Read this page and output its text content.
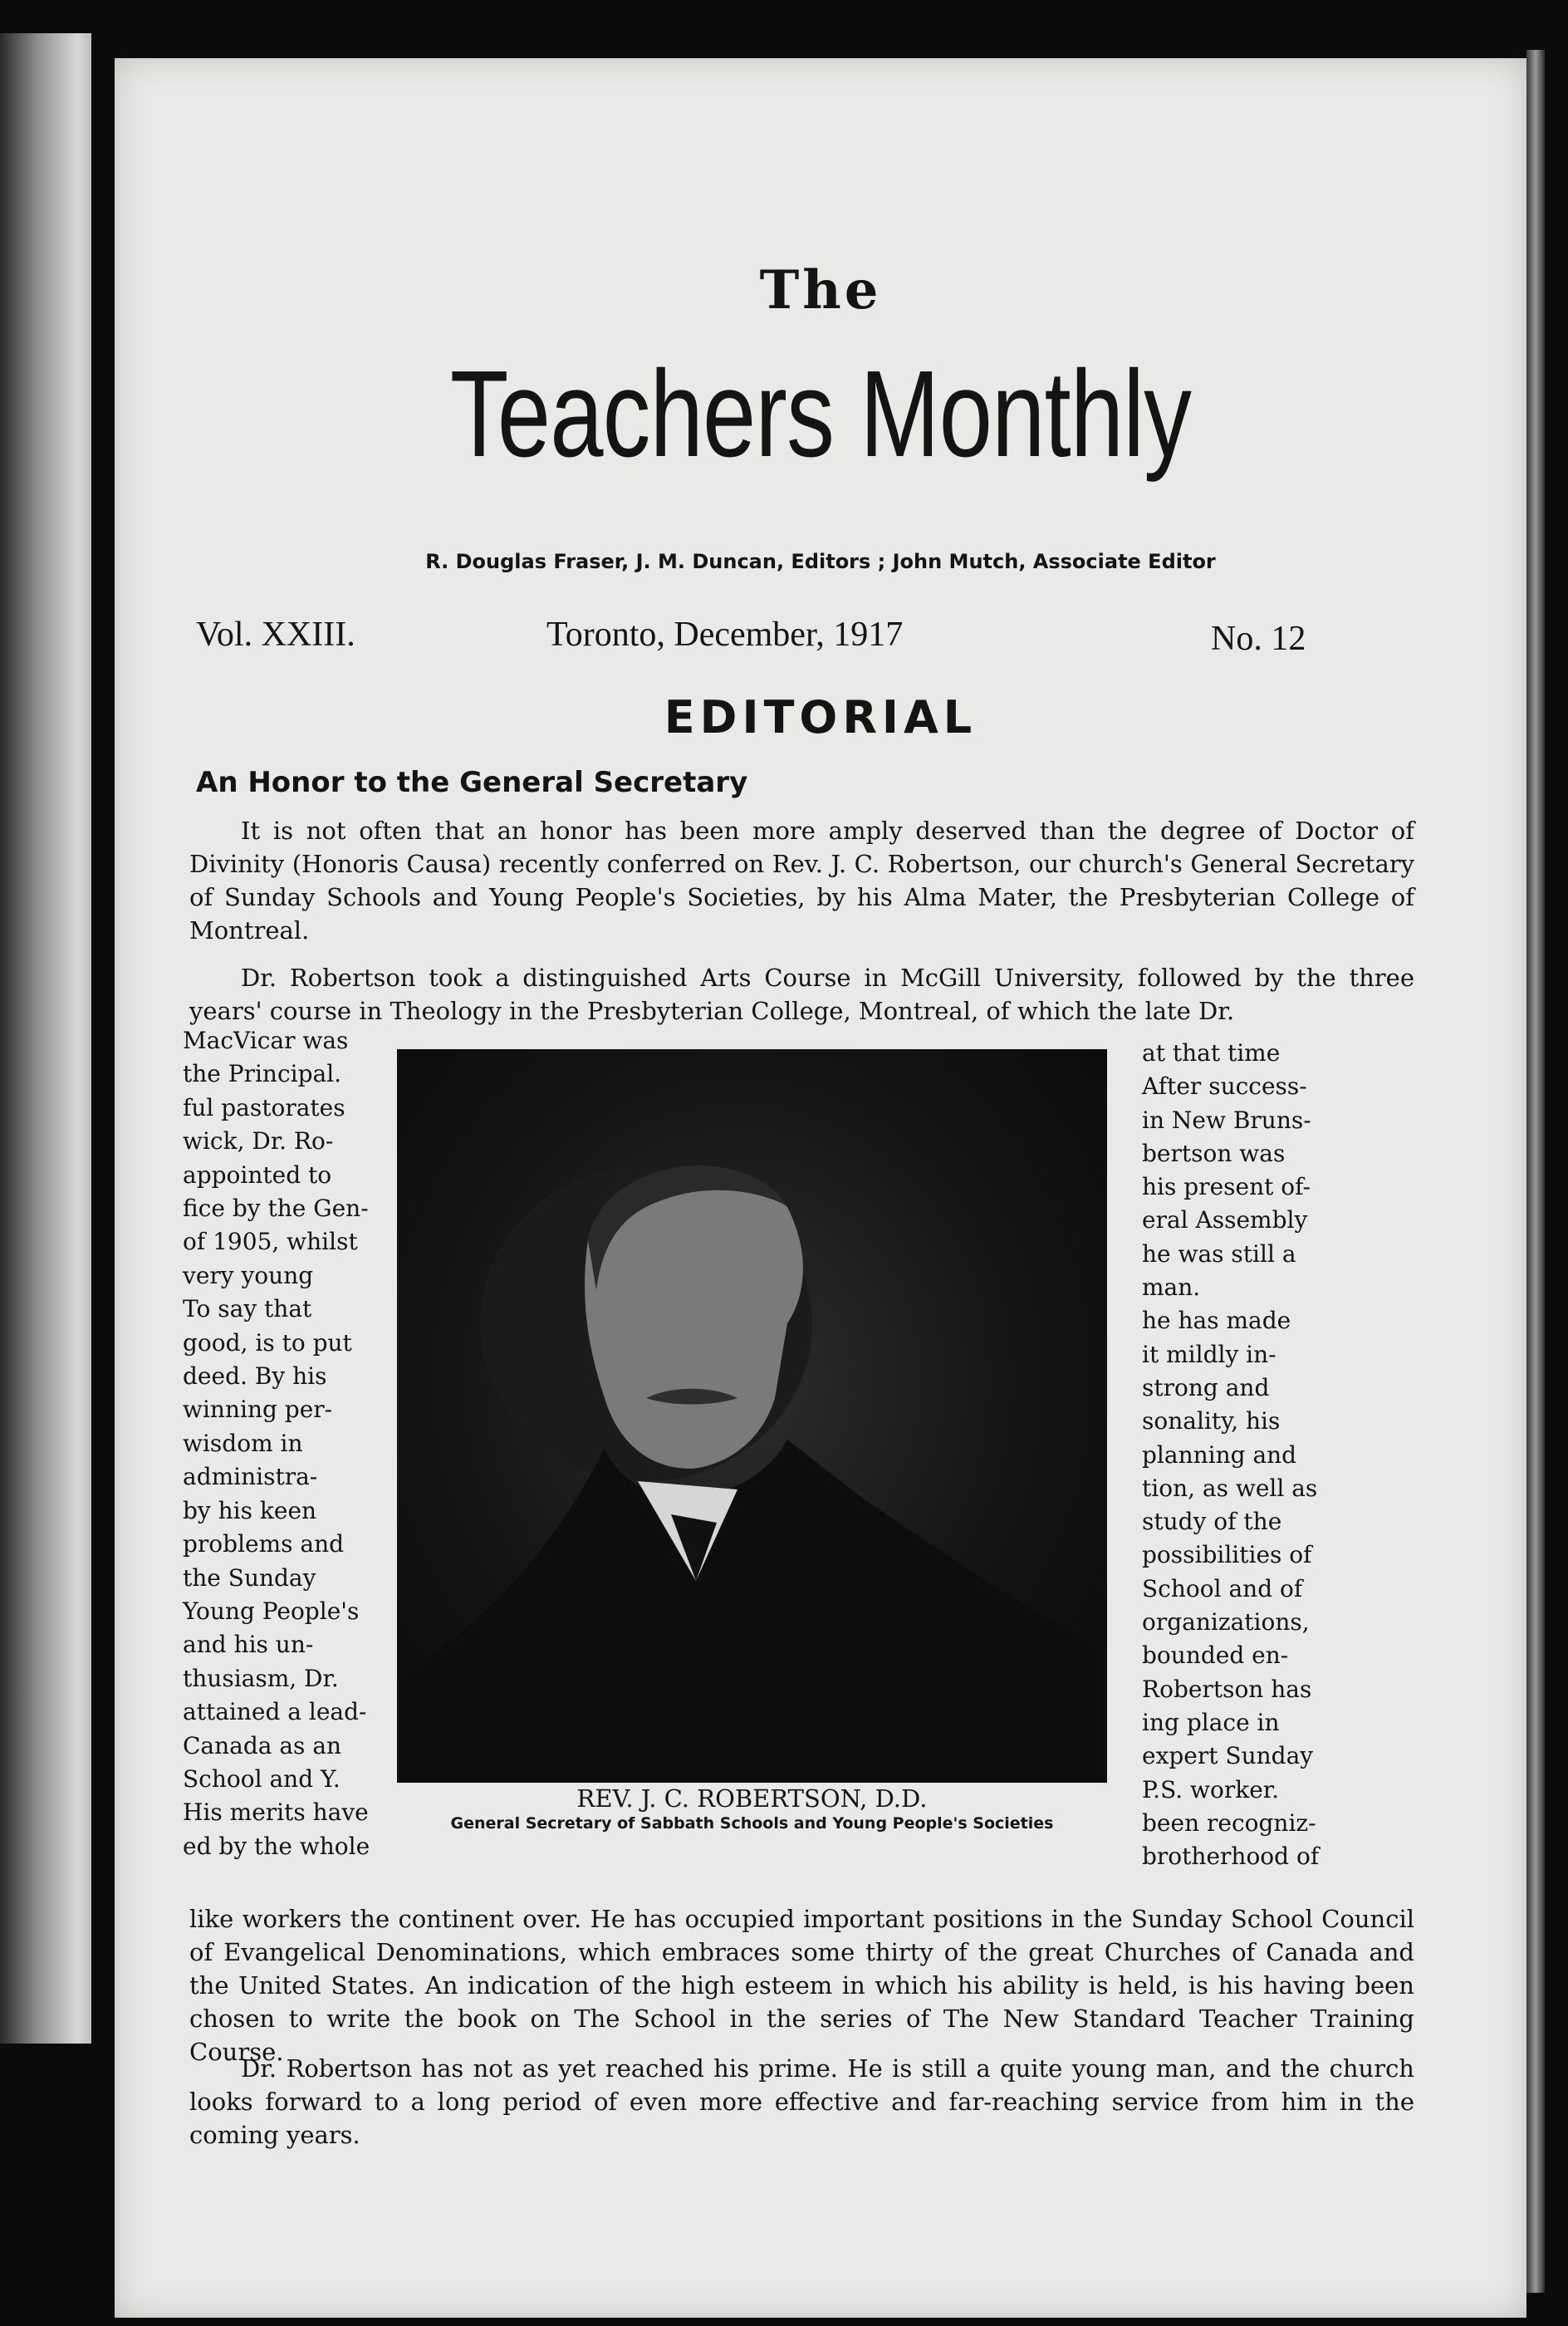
The
Teachers Monthly
R. Douglas Fraser, J. M. Duncan, Editors ; John Mutch, Associate Editor
Vol. XXIII.	Toronto, December, 1917	No. 12
EDITORIAL
An Honor to the General Secretary
It is not often that an honor has been more amply deserved than the degree of Doctor of Divinity (Honoris Causa) recently conferred on Rev. J. C. Robertson, our church's General Secretary of Sunday Schools and Young People's Societies, by his Alma Mater, the Presbyterian College of Montreal.
Dr. Robertson took a distinguished Arts Course in McGill University, followed by the three years' course in Theology in the Presbyterian College, Montreal, of which the late Dr.
MacVicar was
the Principal.
ful pastorates
wick, Dr. Ro-
appointed to
fice by the Gen-
of 1905, whilst
very young
To say that
good, is to put
deed. By his
winning per-
wisdom in
administra-
by his keen
problems and
the Sunday
Young People's
and his un-
thusiasm, Dr.
attained a lead-
Canada as an
School and Y.
His merits have
ed by the whole
at that time
After success-
in New Bruns-
bertson was
his present of-
eral Assembly
he was still a
man.
he has made
it mildly in-
strong and
sonality, his
planning and
tion, as well as
study of the
possibilities of
School and of
organizations,
bounded en-
Robertson has
ing place in
expert Sunday
P.S. worker.
been recogniz-
brotherhood of
REV. J. C. ROBERTSON, D.D.
General Secretary of Sabbath Schools and Young People's Societies
like workers the continent over. He has occupied important positions in the Sunday School Council of Evangelical Denominations, which embraces some thirty of the great Churches of Canada and the United States. An indication of the high esteem in which his ability is held, is his having been chosen to write the book on The School in the series of The New Standard Teacher Training Course.
Dr. Robertson has not as yet reached his prime. He is still a quite young man, and the church looks forward to a long period of even more effective and far-reaching service from him in the coming years.
